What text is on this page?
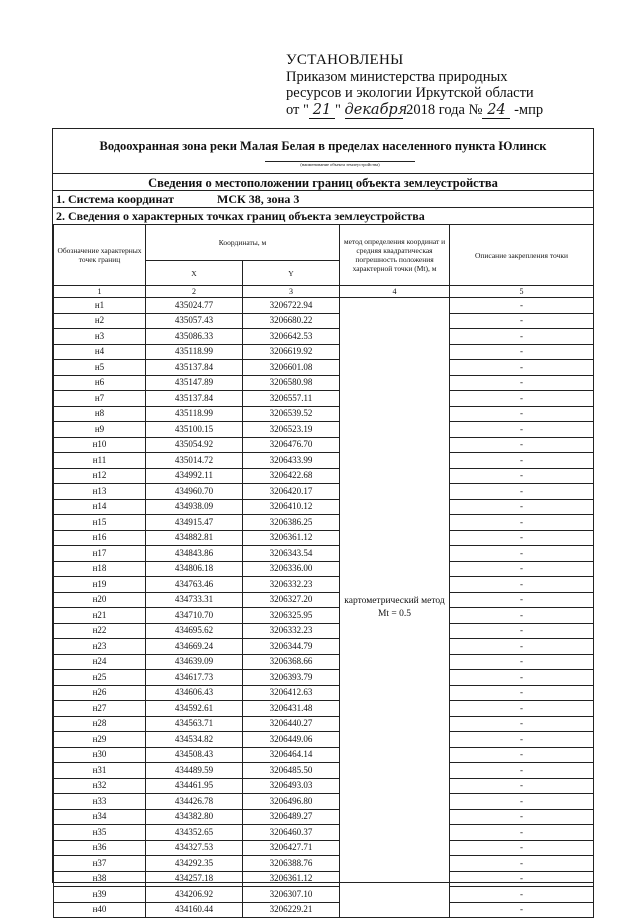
УСТАНОВЛЕНЫ
Приказом министерства природных
ресурсов и экологии Иркутской области
от " 21 " декабря 2018 года № 24 -мпр
Водоохранная зона реки Малая Белая в пределах населенного пункта Юлинск
(наименование объекта землеустройства)
Сведения о местоположении границ объекта землеустройства
1. Система координат	МСК 38, зона 3
2. Сведения о характерных точках границ объекта землеустройства
Обозначение характерных точек границ	Координаты, м		метод определения координат и средняя квадратическая погрешность положения характерной точки (Mt), м	Описание закрепления точки
	X	Y		
1	2	3	4	5
н1	435024.77	3206722.94	картометрический метод Mt = 0.5	-
н2	435057.43	3206680.22		-
н3	435086.33	3206642.53		-
н4	435118.99	3206619.92		-
н5	435137.84	3206601.08		-
н6	435147.89	3206580.98		-
н7	435137.84	3206557.11		-
н8	435118.99	3206539.52		-
н9	435100.15	3206523.19		-
н10	435054.92	3206476.70		-
н11	435014.72	3206433.99		-
н12	434992.11	3206422.68		-
н13	434960.70	3206420.17		-
н14	434938.09	3206410.12		-
н15	434915.47	3206386.25		-
н16	434882.81	3206361.12		-
н17	434843.86	3206343.54		-
н18	434806.18	3206336.00		-
н19	434763.46	3206332.23		-
н20	434733.31	3206327.20		-
н21	434710.70	3206325.95		-
н22	434695.62	3206332.23		-
н23	434669.24	3206344.79		-
н24	434639.09	3206368.66		-
н25	434617.73	3206393.79		-
н26	434606.43	3206412.63		-
н27	434592.61	3206431.48		-
н28	434563.71	3206440.27		-
н29	434534.82	3206449.06		-
н30	434508.43	3206464.14		-
н31	434489.59	3206485.50		-
н32	434461.95	3206493.03		-
н33	434426.78	3206496.80		-
н34	434382.80	3206489.27		-
н35	434352.65	3206460.37		-
н36	434327.53	3206427.71		-
н37	434292.35	3206388.76		-
н38	434257.18	3206361.12		-
н39	434206.92	3206307.10		-
н40	434160.44	3206229.21		-
